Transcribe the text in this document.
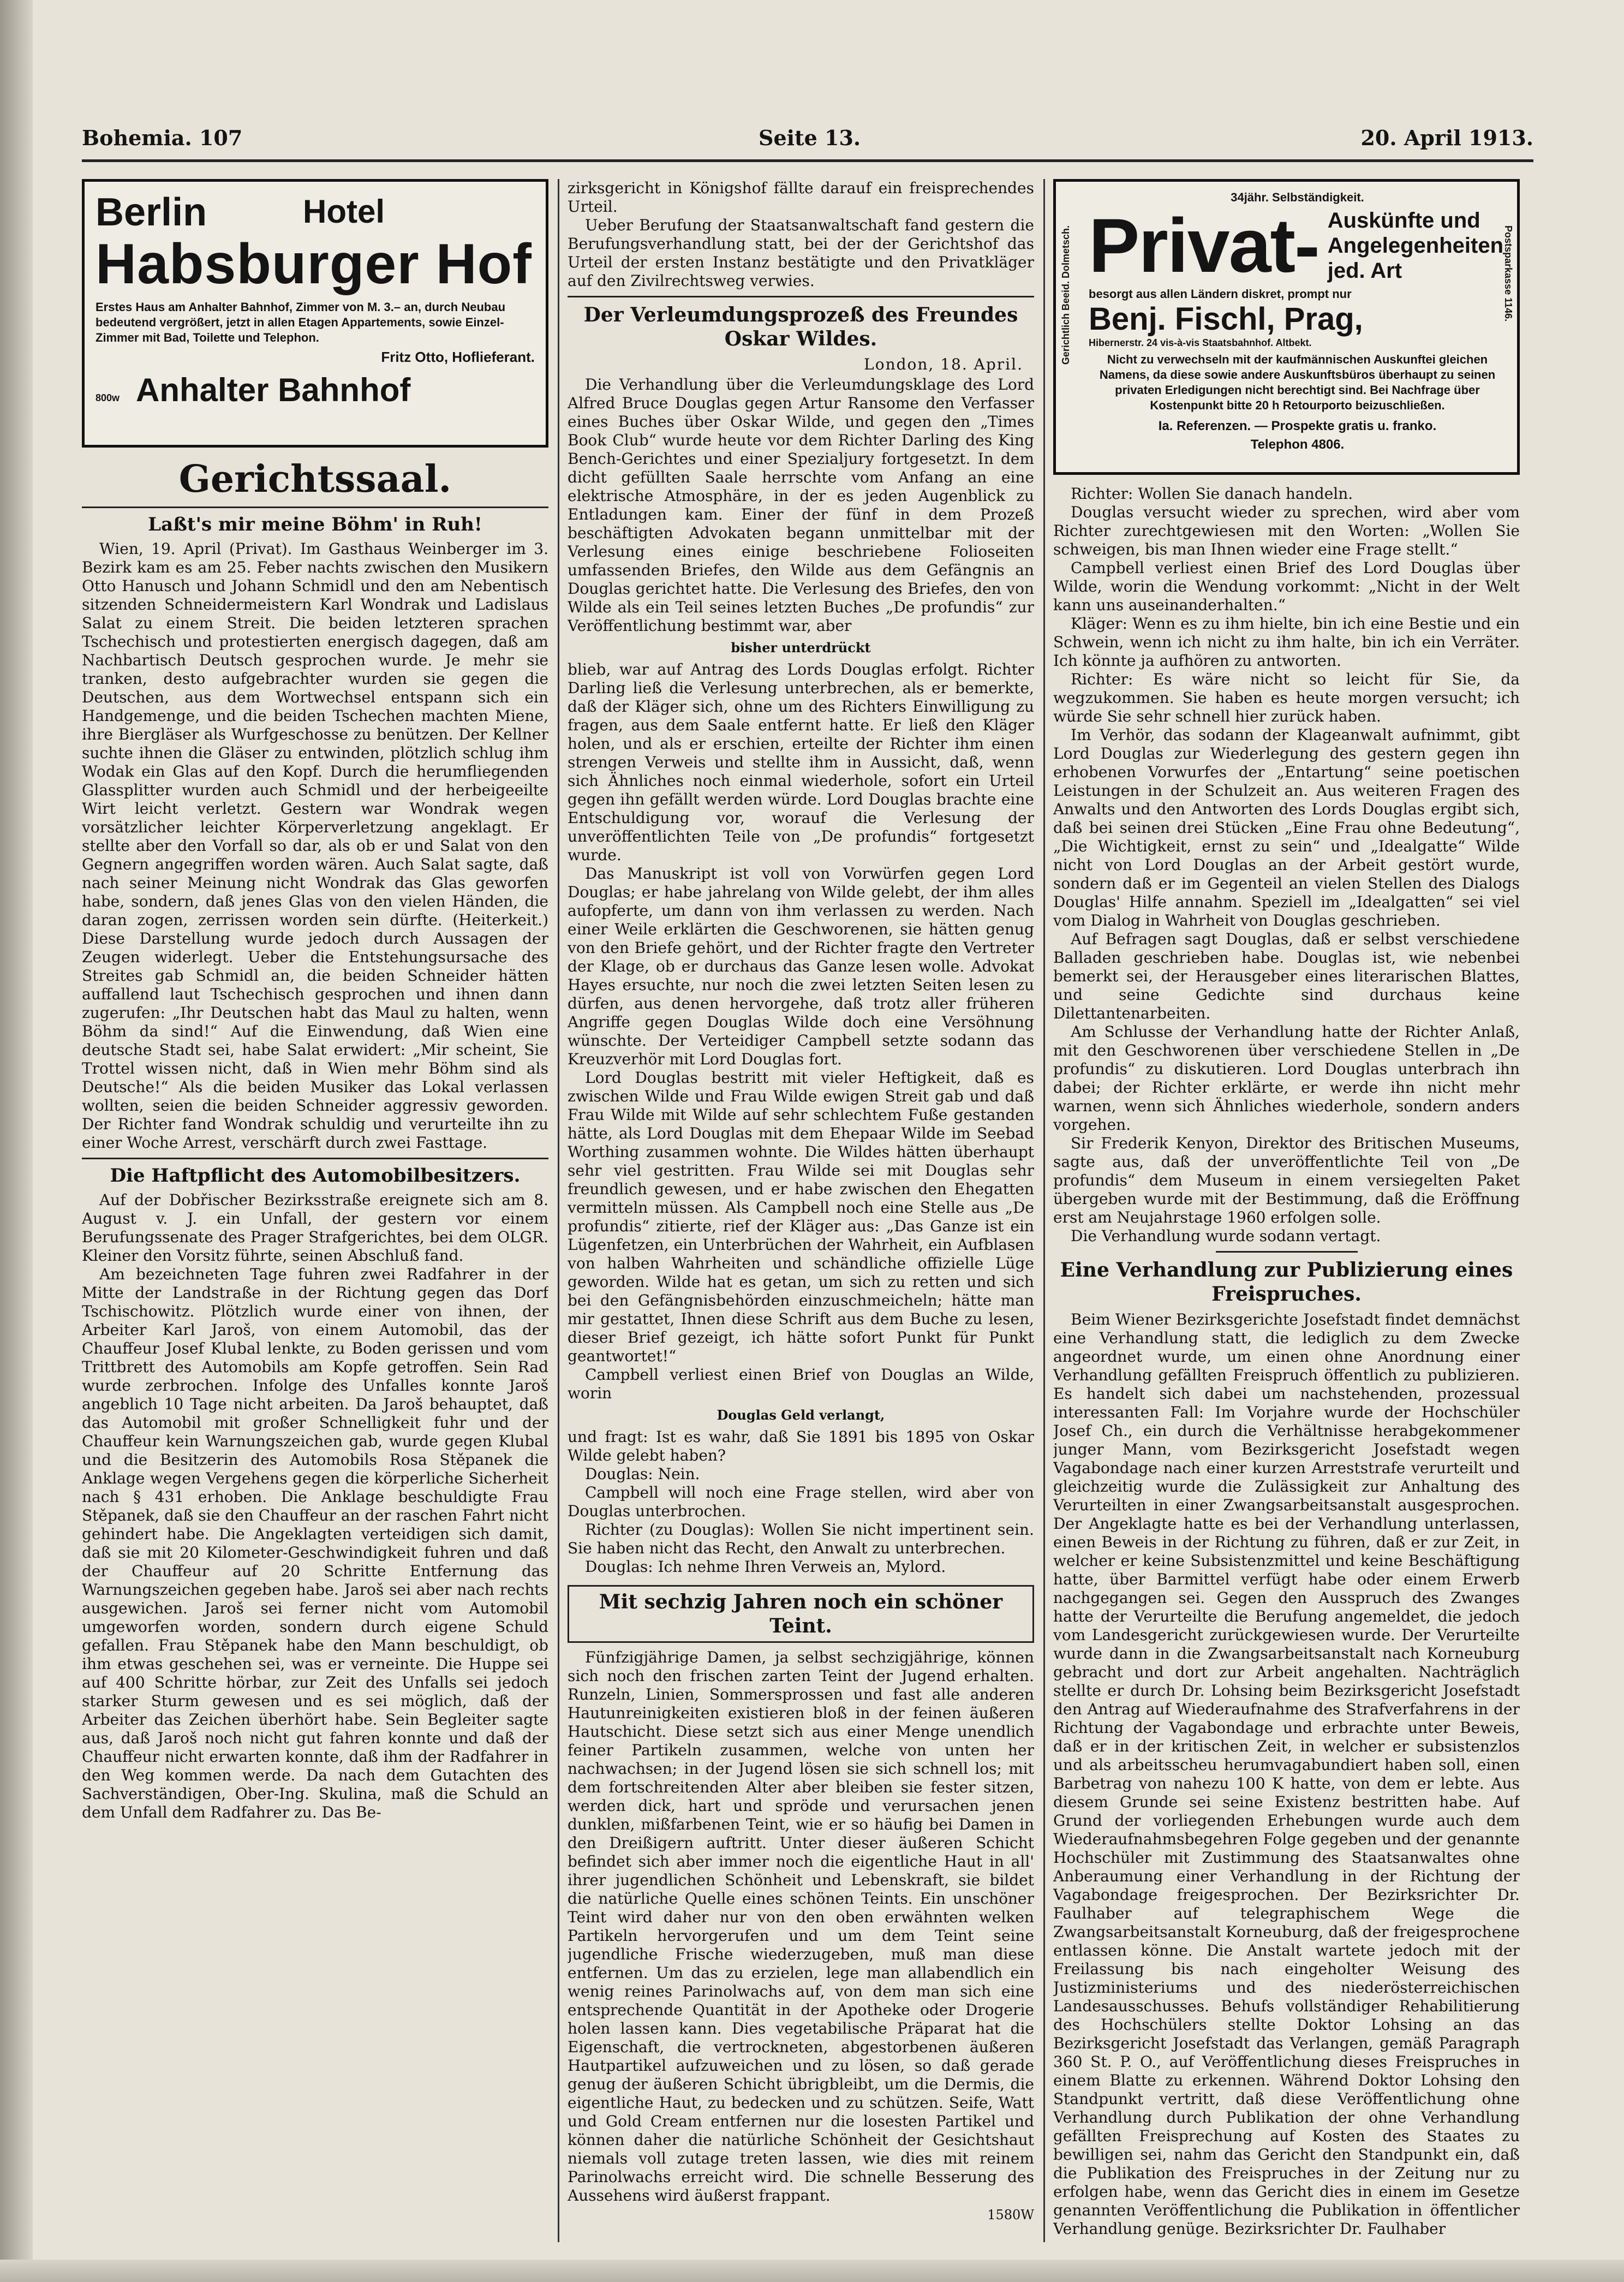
Bohemia. 107	Seite 13.	20. April 1913.
Berlin	Hotel
Habsburger Hof
Erstes Haus am Anhalter Bahnhof, Zimmer von M. 3.– an, durch Neubau bedeutend vergrößert, jetzt in allen Etagen Appartements, sowie Einzel-Zimmer mit Bad, Toilette und Telephon.
Fritz Otto, Hoflieferant.
800w Anhalter Bahnhof
Gerichtssaal.
Laßt's mir meine Böhm' in Ruh!

Wien, 19. April (Privat). Im Gasthaus Weinberger im 3. Bezirk kam es am 25. Feber nachts zwischen den Musikern Otto Hanusch und Johann Schmidl und den am Nebentisch sitzenden Schneidermeistern Karl Wondrak und Ladislaus Salat zu einem Streit. Die beiden letzteren sprachen Tschechisch und protestierten energisch dagegen, daß am Nachbartisch Deutsch gesprochen wurde. Je mehr sie tranken, desto aufgebrachter wurden sie gegen die Deutschen, aus dem Wortwechsel entspann sich ein Handgemenge, und die beiden Tschechen machten Miene, ihre Biergläser als Wurfgeschosse zu benützen. Der Kellner suchte ihnen die Gläser zu entwinden, plötzlich schlug ihm Wodak ein Glas auf den Kopf. Durch die herumfliegenden Glassplitter wurden auch Schmidl und der herbeigeeilte Wirt leicht verletzt. Gestern war Wondrak wegen vorsätzlicher leichter Körperverletzung angeklagt. Er stellte aber den Vorfall so dar, als ob er und Salat von den Gegnern angegriffen worden wären. Auch Salat sagte, daß nach seiner Meinung nicht Wondrak das Glas geworfen habe, sondern, daß jenes Glas von den vielen Händen, die daran zogen, zerrissen worden sein dürfte. (Heiterkeit.) Diese Darstellung wurde jedoch durch Aussagen der Zeugen widerlegt. Ueber die Entstehungsursache des Streites gab Schmidl an, die beiden Schneider hätten auffallend laut Tschechisch gesprochen und ihnen dann zugerufen: „Ihr Deutschen habt das Maul zu halten, wenn Böhm da sind!“ Auf die Einwendung, daß Wien eine deutsche Stadt sei, habe Salat erwidert: „Mir scheint, Sie Trottel wissen nicht, daß in Wien mehr Böhm sind als Deutsche!“ Als die beiden Musiker das Lokal verlassen wollten, seien die beiden Schneider aggressiv geworden. Der Richter fand Wondrak schuldig und verurteilte ihn zu einer Woche Arrest, verschärft durch zwei Fasttage.

Die Haftpflicht des Automobilbesitzers.

Auf der Dobřischer Bezirksstraße ereignete sich am 8. August v. J. ein Unfall, der gestern vor einem Berufungssenate des Prager Strafgerichtes, bei dem OLGR. Kleiner den Vorsitz führte, seinen Abschluß fand.

Am bezeichneten Tage fuhren zwei Radfahrer in der Mitte der Landstraße in der Richtung gegen das Dorf Tschischowitz. Plötzlich wurde einer von ihnen, der Arbeiter Karl Jaroš, von einem Automobil, das der Chauffeur Josef Klubal lenkte, zu Boden gerissen und vom Trittbrett des Automobils am Kopfe getroffen. Sein Rad wurde zerbrochen. Infolge des Unfalles konnte Jaroš angeblich 10 Tage nicht arbeiten. Da Jaroš behauptet, daß das Automobil mit großer Schnelligkeit fuhr und der Chauffeur kein Warnungszeichen gab, wurde gegen Klubal und die Besitzerin des Automobils Rosa Stěpanek die Anklage wegen Vergehens gegen die körperliche Sicherheit nach § 431 erhoben. Die Anklage beschuldigte Frau Stěpanek, daß sie den Chauffeur an der raschen Fahrt nicht gehindert habe. Die Angeklagten verteidigen sich damit, daß sie mit 20 Kilometer-Geschwindigkeit fuhren und daß der Chauffeur auf 20 Schritte Entfernung das Warnungszeichen gegeben habe. Jaroš sei aber nach rechts ausgewichen. Jaroš sei ferner nicht vom Automobil umgeworfen worden, sondern durch eigene Schuld gefallen. Frau Stěpanek habe den Mann beschuldigt, ob ihm etwas geschehen sei, was er verneinte. Die Huppe sei auf 400 Schritte hörbar, zur Zeit des Unfalls sei jedoch starker Sturm gewesen und es sei möglich, daß der Arbeiter das Zeichen überhört habe. Sein Begleiter sagte aus, daß Jaroš noch nicht gut fahren konnte und daß der Chauffeur nicht erwarten konnte, daß ihm der Radfahrer in den Weg kommen werde. Da nach dem Gutachten des Sachverständigen, Ober-Ing. Skulina, maß die Schuld an dem Unfall dem Radfahrer zu. Das Be-

zirksgericht in Königshof fällte darauf ein freisprechendes Urteil.

Ueber Berufung der Staatsanwaltschaft fand gestern die Berufungsverhandlung statt, bei der der Gerichtshof das Urteil der ersten Instanz bestätigte und den Privatkläger auf den Zivilrechtsweg verwies.

Der Verleumdungsprozeß des Freundes Oskar Wildes.
London, 18. April.

Die Verhandlung über die Verleumdungsklage des Lord Alfred Bruce Douglas gegen Artur Ransome den Verfasser eines Buches über Oskar Wilde, und gegen den „Times Book Club“ wurde heute vor dem Richter Darling des King Bench-Gerichtes und einer Spezialjury fortgesetzt. In dem dicht gefüllten Saale herrschte vom Anfang an eine elektrische Atmosphäre, in der es jeden Augenblick zu Entladungen kam. Einer der fünf in dem Prozeß beschäftigten Advokaten begann unmittelbar mit der Verlesung eines einige beschriebene Folioseiten umfassenden Briefes, den Wilde aus dem Gefängnis an Douglas gerichtet hatte. Die Verlesung des Briefes, den von Wilde als ein Teil seines letzten Buches „De profundis“ zur Veröffentlichung bestimmt war, aber

bisher unterdrückt

blieb, war auf Antrag des Lords Douglas erfolgt. Richter Darling ließ die Verlesung unterbrechen, als er bemerkte, daß der Kläger sich, ohne um des Richters Einwilligung zu fragen, aus dem Saale entfernt hatte. Er ließ den Kläger holen, und als er erschien, erteilte der Richter ihm einen strengen Verweis und stellte ihm in Aussicht, daß, wenn sich Ähnliches noch einmal wiederhole, sofort ein Urteil gegen ihn gefällt werden würde. Lord Douglas brachte eine Entschuldigung vor, worauf die Verlesung der unveröffentlichten Teile von „De profundis“ fortgesetzt wurde.

Das Manuskript ist voll von Vorwürfen gegen Lord Douglas; er habe jahrelang von Wilde gelebt, der ihm alles aufopferte, um dann von ihm verlassen zu werden. Nach einer Weile erklärten die Geschworenen, sie hätten genug von den Briefe gehört, und der Richter fragte den Vertreter der Klage, ob er durchaus das Ganze lesen wolle. Advokat Hayes ersuchte, nur noch die zwei letzten Seiten lesen zu dürfen, aus denen hervorgehe, daß trotz aller früheren Angriffe gegen Douglas Wilde doch eine Versöhnung wünschte. Der Verteidiger Campbell setzte sodann das Kreuzverhör mit Lord Douglas fort.

Lord Douglas bestritt mit vieler Heftigkeit, daß es zwischen Wilde und Frau Wilde ewigen Streit gab und daß Frau Wilde mit Wilde auf sehr schlechtem Fuße gestanden hätte, als Lord Douglas mit dem Ehepaar Wilde im Seebad Worthing zusammen wohnte. Die Wildes hätten überhaupt sehr viel gestritten. Frau Wilde sei mit Douglas sehr freundlich gewesen, und er habe zwischen den Ehegatten vermitteln müssen. Als Campbell noch eine Stelle aus „De profundis“ zitierte, rief der Kläger aus: „Das Ganze ist ein Lügenfetzen, ein Unterbrüchen der Wahrheit, ein Aufblasen von halben Wahrheiten und schändliche offizielle Lüge geworden. Wilde hat es getan, um sich zu retten und sich bei den Gefängnisbehörden einzuschmeicheln; hätte man mir gestattet, Ihnen diese Schrift aus dem Buche zu lesen, dieser Brief gezeigt, ich hätte sofort Punkt für Punkt geantwortet!“

Campbell verliest einen Brief von Douglas an Wilde, worin

Douglas Geld verlangt,

und fragt: Ist es wahr, daß Sie 1891 bis 1895 von Oskar Wilde gelebt haben?

Douglas: Nein.

Campbell will noch eine Frage stellen, wird aber von Douglas unterbrochen.

Richter (zu Douglas): Wollen Sie nicht impertinent sein. Sie haben nicht das Recht, den Anwalt zu unterbrechen.

Douglas: Ich nehme Ihren Verweis an, Mylord.

Mit sechzig Jahren noch ein schöner Teint.

Fünfzigjährige Damen, ja selbst sechzigjährige, können sich noch den frischen zarten Teint der Jugend erhalten. Runzeln, Linien, Sommersprossen und fast alle anderen Hautunreinigkeiten existieren bloß in der feinen äußeren Hautschicht. Diese setzt sich aus einer Menge unendlich feiner Partikeln zusammen, welche von unten her nachwachsen; in der Jugend lösen sie sich schnell los; mit dem fortschreitenden Alter aber bleiben sie fester sitzen, werden dick, hart und spröde und verursachen jenen dunklen, mißfarbenen Teint, wie er so häufig bei Damen in den Dreißigern auftritt. Unter dieser äußeren Schicht befindet sich aber immer noch die eigentliche Haut in all' ihrer jugendlichen Schönheit und Lebenskraft, sie bildet die natürliche Quelle eines schönen Teints. Ein unschöner Teint wird daher nur von den oben erwähnten welken Partikeln hervorgerufen und um dem Teint seine jugendliche Frische wiederzugeben, muß man diese entfernen. Um das zu erzielen, lege man allabendlich ein wenig reines Parinolwachs auf, von dem man sich eine entsprechende Quantität in der Apotheke oder Drogerie holen lassen kann. Dies vegetabilische Präparat hat die Eigenschaft, die vertrockneten, abgestorbenen äußeren Hautpartikel aufzuweichen und zu lösen, so daß gerade genug der äußeren Schicht übrigbleibt, um die Dermis, die eigentliche Haut, zu bedecken und zu schützen. Seife, Watt und Gold Cream entfernen nur die losesten Partikel und können daher die natürliche Schönheit der Gesichtshaut niemals voll zutage treten lassen, wie dies mit reinem Parinolwachs erreicht wird. Die schnelle Besserung des Aussehens wird äußerst frappant.

1580W
Gerichtlich Beeid. Dolmetsch.	Postsparkasse 1146.
34jähr. Selbständigkeit.
Privat- Auskünfte und Angelegenheiten jed. Art
besorgt aus allen Ländern diskret, prompt nur
Benj. Fischl, Prag, Hibernerstr. 24 vis-à-vis Staatsbahnhof. Altbekt.
Nicht zu verwechseln mit der kaufmännischen Auskunftei gleichen Namens, da diese sowie andere Auskunftsbüros überhaupt zu seinen privaten Erledigungen nicht berechtigt sind. Bei Nachfrage über Kostenpunkt bitte 20 h Retourporto beizuschließen.
Ia. Referenzen. — Prospekte gratis u. franko.
Telephon 4806.

Richter: Wollen Sie danach handeln.

Douglas versucht wieder zu sprechen, wird aber vom Richter zurechtgewiesen mit den Worten: „Wollen Sie schweigen, bis man Ihnen wieder eine Frage stellt.“

Campbell verliest einen Brief des Lord Douglas über Wilde, worin die Wendung vorkommt: „Nicht in der Welt kann uns auseinanderhalten.“

Kläger: Wenn es zu ihm hielte, bin ich eine Bestie und ein Schwein, wenn ich nicht zu ihm halte, bin ich ein Verräter. Ich könnte ja aufhören zu antworten.

Richter: Es wäre nicht so leicht für Sie, da wegzukommen. Sie haben es heute morgen versucht; ich würde Sie sehr schnell hier zurück haben.

Im Verhör, das sodann der Klageanwalt aufnimmt, gibt Lord Douglas zur Wiederlegung des gestern gegen ihn erhobenen Vorwurfes der „Entartung“ seine poetischen Leistungen in der Schulzeit an. Aus weiteren Fragen des Anwalts und den Antworten des Lords Douglas ergibt sich, daß bei seinen drei Stücken „Eine Frau ohne Bedeutung“, „Die Wichtigkeit, ernst zu sein“ und „Idealgatte“ Wilde nicht von Lord Douglas an der Arbeit gestört wurde, sondern daß er im Gegenteil an vielen Stellen des Dialogs Douglas' Hilfe annahm. Speziell im „Idealgatten“ sei viel vom Dialog in Wahrheit von Douglas geschrieben.

Auf Befragen sagt Douglas, daß er selbst verschiedene Balladen geschrieben habe. Douglas ist, wie nebenbei bemerkt sei, der Herausgeber eines literarischen Blattes, und seine Gedichte sind durchaus keine Dilettantenarbeiten.

Am Schlusse der Verhandlung hatte der Richter Anlaß, mit den Geschworenen über verschiedene Stellen in „De profundis“ zu diskutieren. Lord Douglas unterbrach ihn dabei; der Richter erklärte, er werde ihn nicht mehr warnen, wenn sich Ähnliches wiederhole, sondern anders vorgehen.

Sir Frederik Kenyon, Direktor des Britischen Museums, sagte aus, daß der unveröffentlichte Teil von „De profundis“ dem Museum in einem versiegelten Paket übergeben wurde mit der Bestimmung, daß die Eröffnung erst am Neujahrstage 1960 erfolgen solle.

Die Verhandlung wurde sodann vertagt.

Eine Verhandlung zur Publizierung eines Freispruches.

Beim Wiener Bezirksgerichte Josefstadt findet demnächst eine Verhandlung statt, die lediglich zu dem Zwecke angeordnet wurde, um einen ohne Anordnung einer Verhandlung gefällten Freispruch öffentlich zu publizieren. Es handelt sich dabei um nachstehenden, prozessual interessanten Fall: Im Vorjahre wurde der Hochschüler Josef Ch., ein durch die Verhältnisse herabgekommener junger Mann, vom Bezirksgericht Josefstadt wegen Vagabondage nach einer kurzen Arreststrafe verurteilt und gleichzeitig wurde die Zulässigkeit zur Anhaltung des Verurteilten in einer Zwangsarbeitsanstalt ausgesprochen. Der Angeklagte hatte es bei der Verhandlung unterlassen, einen Beweis in der Richtung zu führen, daß er zur Zeit, in welcher er keine Subsistenzmittel und keine Beschäftigung hatte, über Barmittel verfügt habe oder einem Erwerb nachgegangen sei. Gegen den Ausspruch des Zwanges hatte der Verurteilte die Berufung angemeldet, die jedoch vom Landesgericht zurückgewiesen wurde. Der Verurteilte wurde dann in die Zwangsarbeitsanstalt nach Korneuburg gebracht und dort zur Arbeit angehalten. Nachträglich stellte er durch Dr. Lohsing beim Bezirksgericht Josefstadt den Antrag auf Wiederaufnahme des Strafverfahrens in der Richtung der Vagabondage und erbrachte unter Beweis, daß er in der kritischen Zeit, in welcher er subsistenzlos und als arbeitsscheu herumvagabundiert haben soll, einen Barbetrag von nahezu 100 K hatte, von dem er lebte. Aus diesem Grunde sei seine Existenz bestritten habe. Auf Grund der vorliegenden Erhebungen wurde auch dem Wiederaufnahmsbegehren Folge gegeben und der genannte Hochschüler mit Zustimmung des Staatsanwaltes ohne Anberaumung einer Verhandlung in der Richtung der Vagabondage freigesprochen. Der Bezirksrichter Dr. Faulhaber auf telegraphischem Wege die Zwangsarbeitsanstalt Korneuburg, daß der freigesprochene entlassen könne. Die Anstalt wartete jedoch mit der Freilassung bis nach eingeholter Weisung des Justizministeriums und des niederösterreichischen Landesausschusses. Behufs vollständiger Rehabilitierung des Hochschülers stellte Doktor Lohsing an das Bezirksgericht Josefstadt das Verlangen, gemäß Paragraph 360 St. P. O., auf Veröffentlichung dieses Freispruches in einem Blatte zu erkennen. Während Doktor Lohsing den Standpunkt vertritt, daß diese Veröffentlichung ohne Verhandlung durch Publikation der ohne Verhandlung gefällten Freisprechung auf Kosten des Staates zu bewilligen sei, nahm das Gericht den Standpunkt ein, daß die Publikation des Freispruches in der Zeitung nur zu erfolgen habe, wenn das Gericht dies in einem im Gesetze genannten Veröffentlichung die Publikation in öffentlicher Verhandlung genüge. Bezirksrichter Dr. Faulhaber
